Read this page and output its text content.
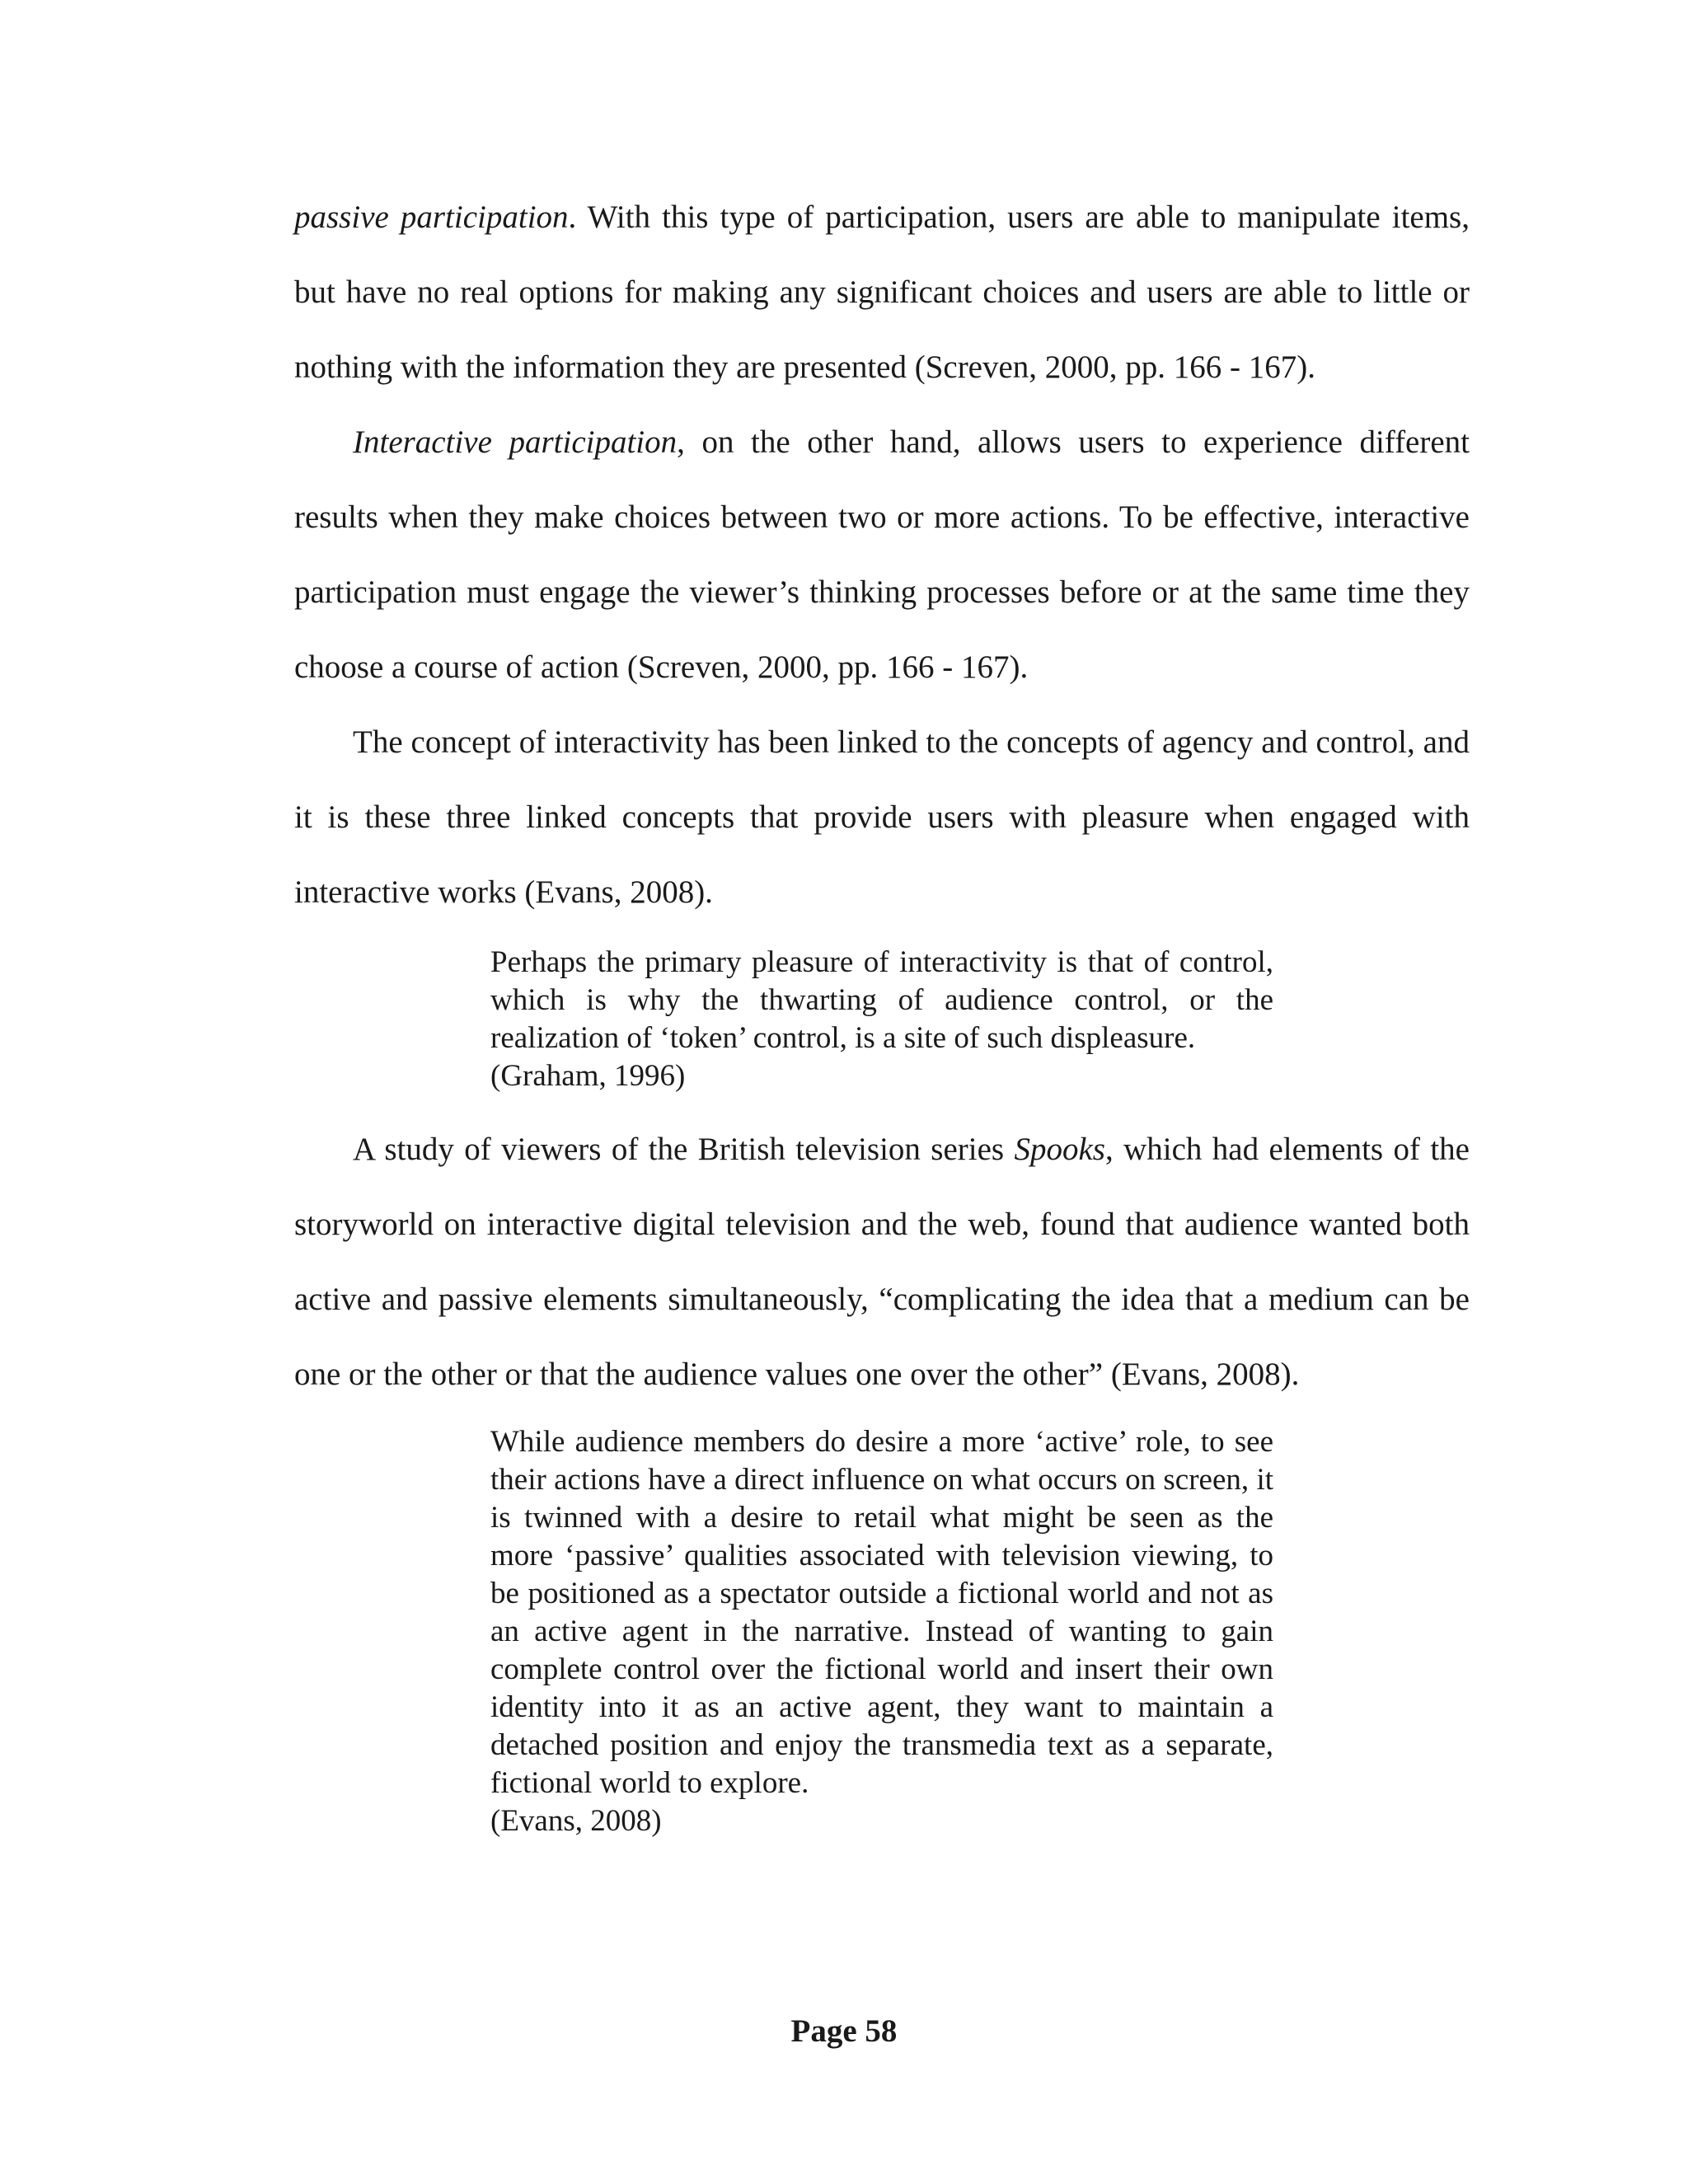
passive participation. With this type of participation, users are able to manipulate items, but have no real options for making any significant choices and users are able to little or nothing with the information they are presented (Screven, 2000, pp. 166 - 167).

Interactive participation, on the other hand, allows users to experience different results when they make choices between two or more actions. To be effective, interactive participation must engage the viewer’s thinking processes before or at the same time they choose a course of action (Screven, 2000, pp. 166 - 167).

The concept of interactivity has been linked to the concepts of agency and control, and it is these three linked concepts that provide users with pleasure when engaged with interactive works (Evans, 2008).

Perhaps the primary pleasure of interactivity is that of control, which is why the thwarting of audience control, or the realization of ‘token’ control, is a site of such displeasure.
(Graham, 1996)

A study of viewers of the British television series Spooks, which had elements of the storyworld on interactive digital television and the web, found that audience wanted both active and passive elements simultaneously, “complicating the idea that a medium can be one or the other or that the audience values one over the other” (Evans, 2008).

While audience members do desire a more ‘active’ role, to see their actions have a direct influence on what occurs on screen, it is twinned with a desire to retail what might be seen as the more ‘passive’ qualities associated with television viewing, to be positioned as a spectator outside a fictional world and not as an active agent in the narrative. Instead of wanting to gain complete control over the fictional world and insert their own identity into it as an active agent, they want to maintain a detached position and enjoy the transmedia text as a separate, fictional world to explore.
(Evans, 2008)
Page 58
